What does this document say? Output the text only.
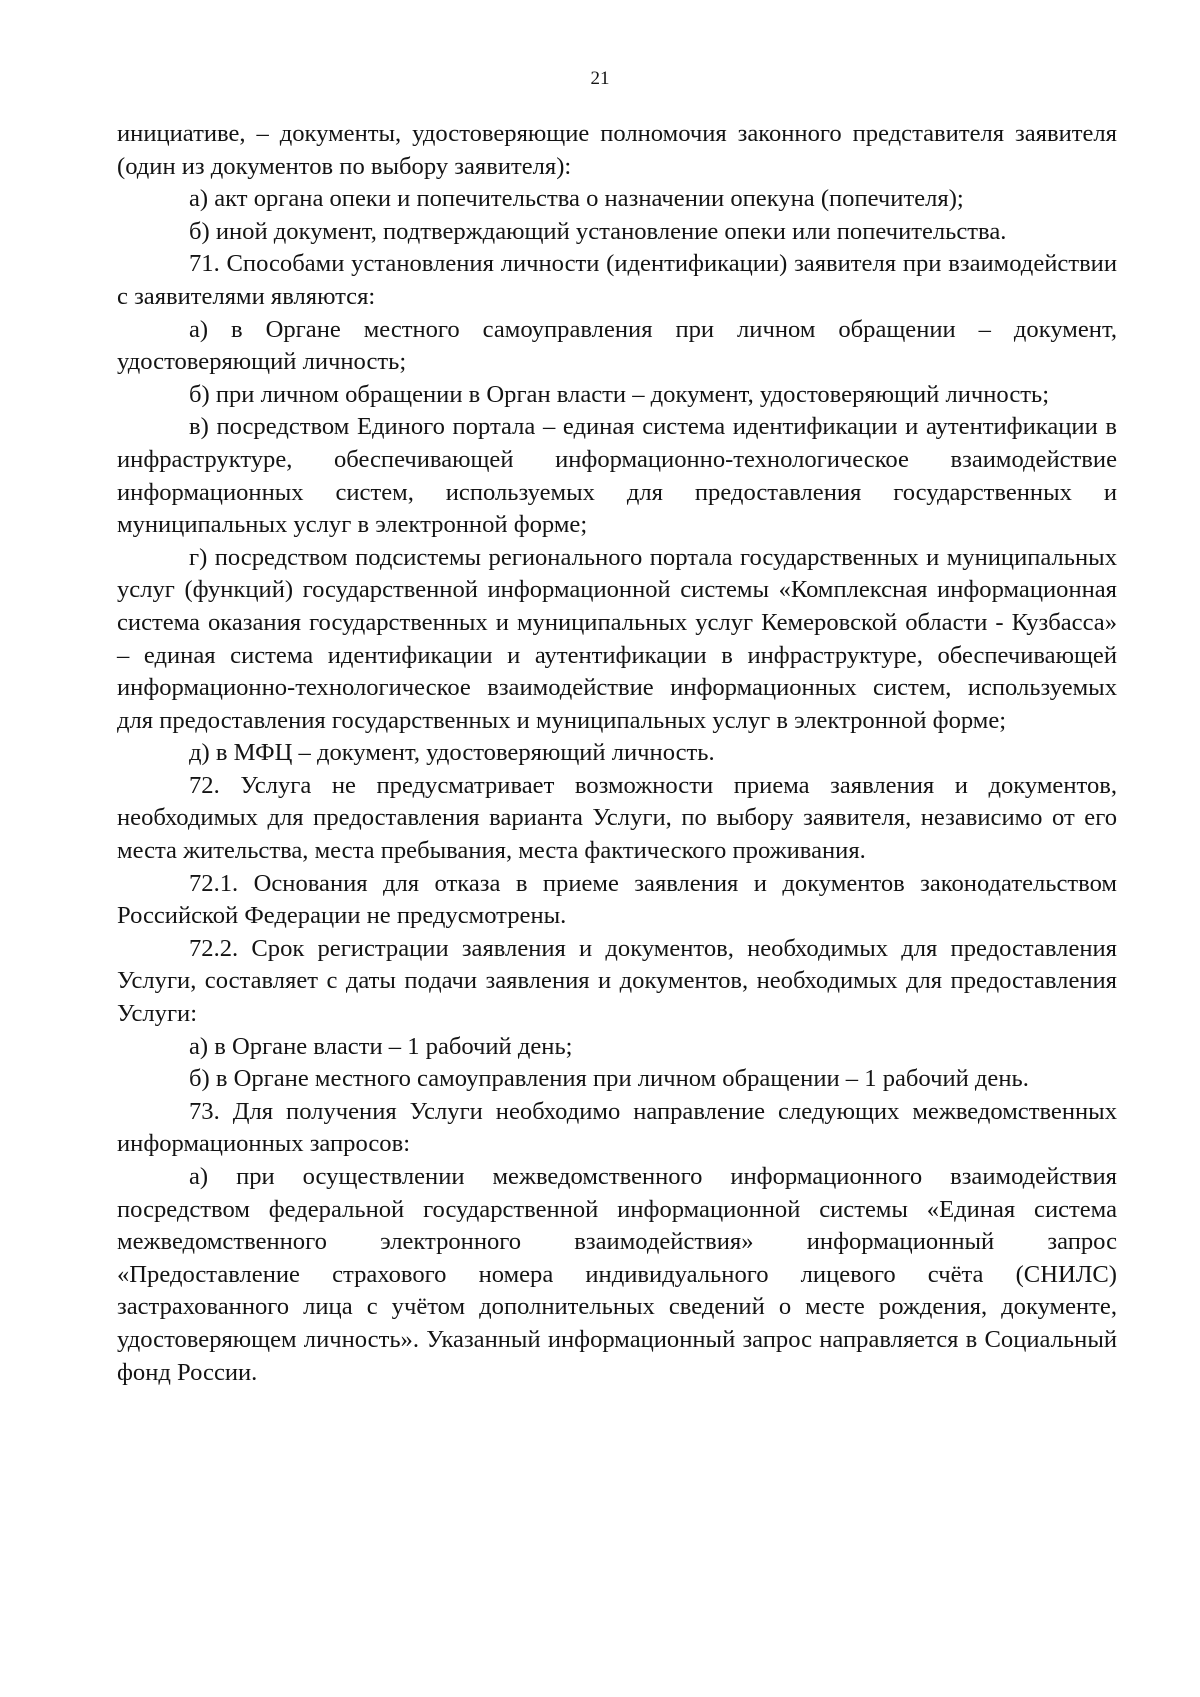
21

инициативе, – документы, удостоверяющие полномочия законного представителя заявителя (один из документов по выбору заявителя):

а) акт органа опеки и попечительства о назначении опекуна (попечителя);

б) иной документ, подтверждающий установление опеки или попечительства.

71. Способами установления личности (идентификации) заявителя при взаимодействии с заявителями являются:

а) в Органе местного самоуправления при личном обращении – документ, удостоверяющий личность;

б) при личном обращении в Орган власти – документ, удостоверяющий личность;

в) посредством Единого портала – единая система идентификации и аутентификации в инфраструктуре, обеспечивающей информационно-технологическое взаимодействие информационных систем, используемых для предоставления государственных и муниципальных услуг в электронной форме;

г) посредством подсистемы регионального портала государственных и муниципальных услуг (функций) государственной информационной системы «Комплексная информационная система оказания государственных и муниципальных услуг Кемеровской области - Кузбасса» – единая система идентификации и аутентификации в инфраструктуре, обеспечивающей информационно-технологическое взаимодействие информационных систем, используемых для предоставления государственных и муниципальных услуг в электронной форме;

д) в МФЦ – документ, удостоверяющий личность.

72. Услуга не предусматривает возможности приема заявления и документов, необходимых для предоставления варианта Услуги, по выбору заявителя, независимо от его места жительства, места пребывания, места фактического проживания.

72.1. Основания для отказа в приеме заявления и документов законодательством Российской Федерации не предусмотрены.

72.2. Срок регистрации заявления и документов, необходимых для предоставления Услуги, составляет с даты подачи заявления и документов, необходимых для предоставления Услуги:

а) в Органе власти – 1 рабочий день;

б) в Органе местного самоуправления при личном обращении – 1 рабочий день.

73. Для получения Услуги необходимо направление следующих межведомственных информационных запросов:

а) при осуществлении межведомственного информационного взаимодействия посредством федеральной государственной информационной системы «Единая система межведомственного электронного взаимодействия» информационный запрос «Предоставление страхового номера индивидуального лицевого счёта (СНИЛС) застрахованного лица с учётом дополнительных сведений о месте рождения, документе, удостоверяющем личность». Указанный информационный запрос направляется в Социальный фонд России.
